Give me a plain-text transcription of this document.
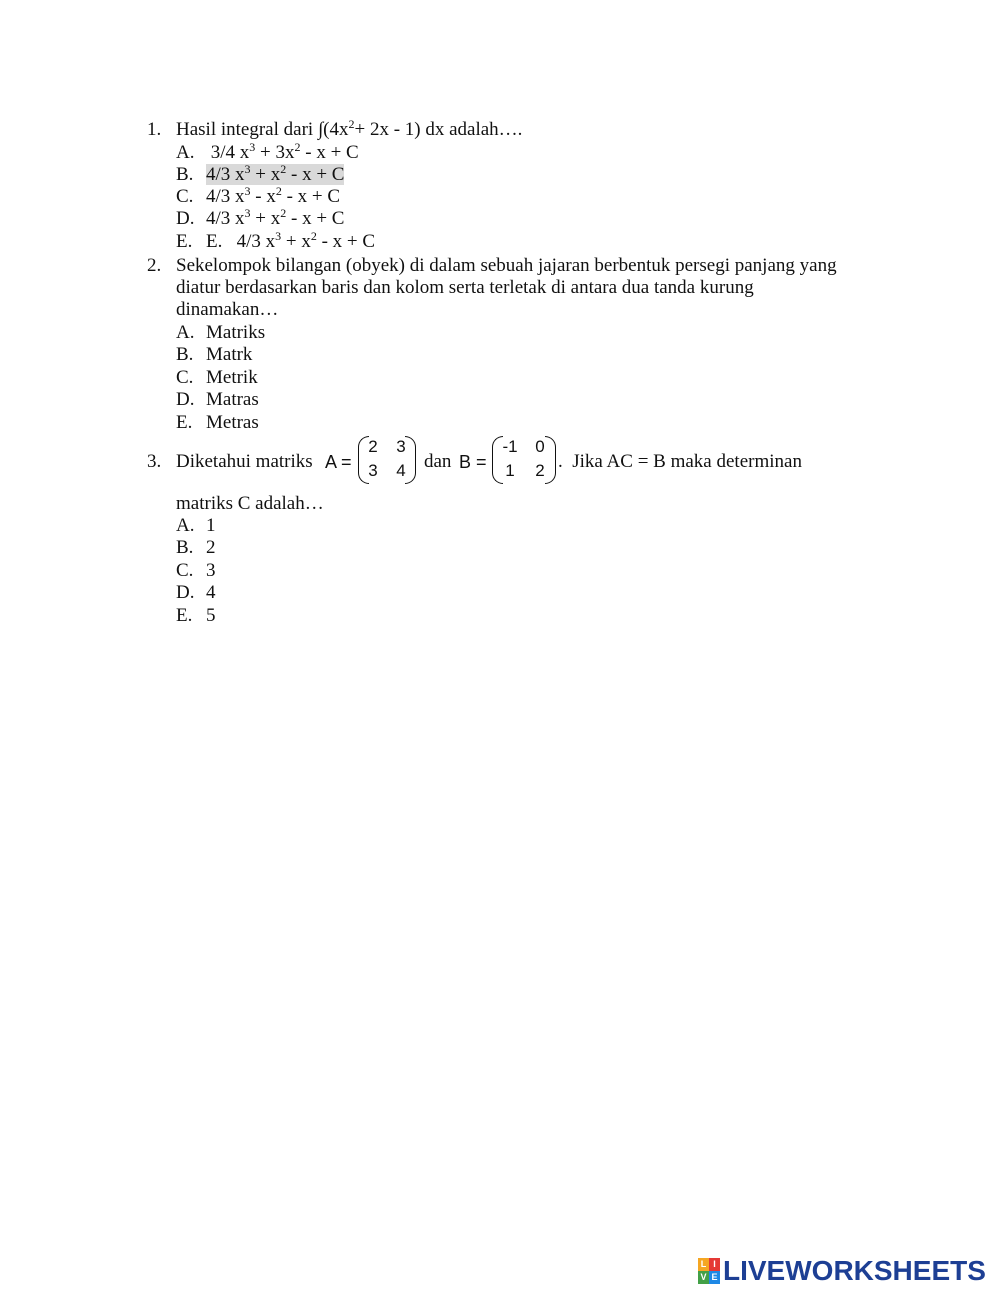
1. Hasil integral dari $\int(4x^2+ 2x - 1)$ dx adalah….
A. 3/4 $x^3 + 3x^2 - x + C$
B. 4/3 $x^3 + x^2 - x + C$
C. 4/3 $x^3 - x^2 - x + C$
D. 4/3 $x^3 + x^2 - x + C$
E. E.   4/3 $x^3 + x^2 - x + C$
2. Sekelompok bilangan (obyek) di dalam sebuah jajaran berbentuk persegi panjang yang
diatur berdasarkan baris dan kolom serta terletak di antara dua tanda kurung
dinamakan…
A. Matriks
B. Matrk
C. Metrik
D. Matras
E. Metras
3. Diketahui matriks A =
2 3
3 4 dan B =
-1 0
1 2 .  Jika AC = B maka determinan
matriks C adalah…
A. 1
B. 2
C. 3
D. 4
E. 5
L I
V E LIVEWORKSHEETS
